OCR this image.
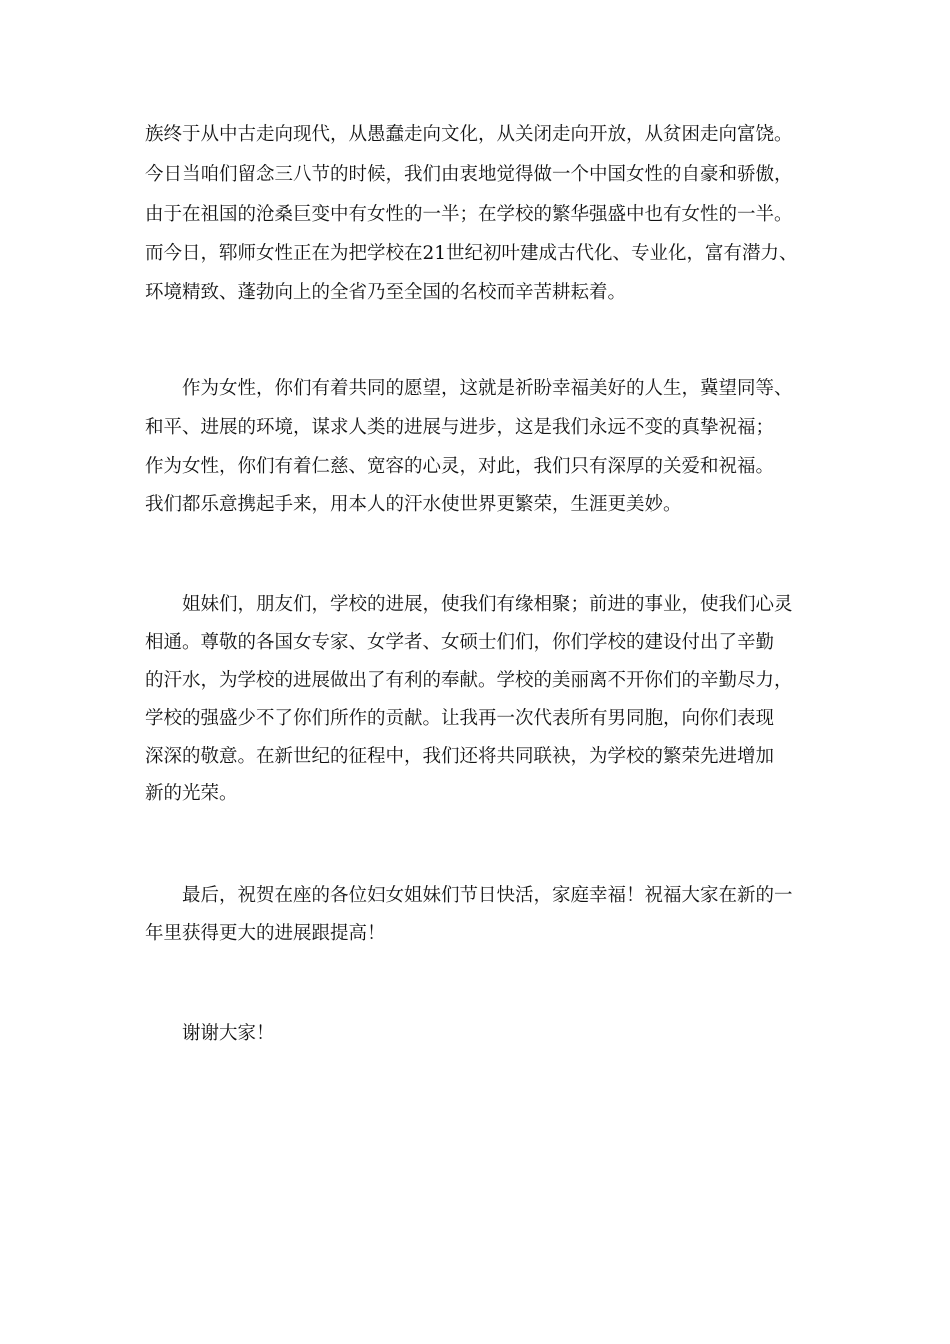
族终于从中古走向现代，从愚蠢走向文化，从关闭走向开放，从贫困走向富饶。

今日当咱们留念三八节的时候，我们由衷地觉得做一个中国女性的自豪和骄傲，

由于在祖国的沧桑巨变中有女性的一半；在学校的繁华强盛中也有女性的一半。

而今日，郓师女性正在为把学校在21世纪初叶建成古代化、专业化，富有潜力、

环境精致、蓬勃向上的全省乃至全国的名校而辛苦耕耘着。

　　作为女性，你们有着共同的愿望，这就是祈盼幸福美好的人生，冀望同等、

和平、进展的环境，谋求人类的进展与进步，这是我们永远不变的真挚祝福；

作为女性，你们有着仁慈、宽容的心灵，对此，我们只有深厚的关爱和祝福。

我们都乐意携起手来，用本人的汗水使世界更繁荣，生涯更美妙。

　　姐妹们，朋友们，学校的进展，使我们有缘相聚；前进的事业，使我们心灵

相通。尊敬的各国女专家、女学者、女硕士们们，你们学校的建设付出了辛勤

的汗水，为学校的进展做出了有利的奉献。学校的美丽离不开你们的辛勤尽力，

学校的强盛少不了你们所作的贡献。让我再一次代表所有男同胞，向你们表现

深深的敬意。在新世纪的征程中，我们还将共同联袂，为学校的繁荣先进增加

新的光荣。

　　最后，祝贺在座的各位妇女姐妹们节日快活，家庭幸福！祝福大家在新的一

年里获得更大的进展跟提高！

　　谢谢大家！
